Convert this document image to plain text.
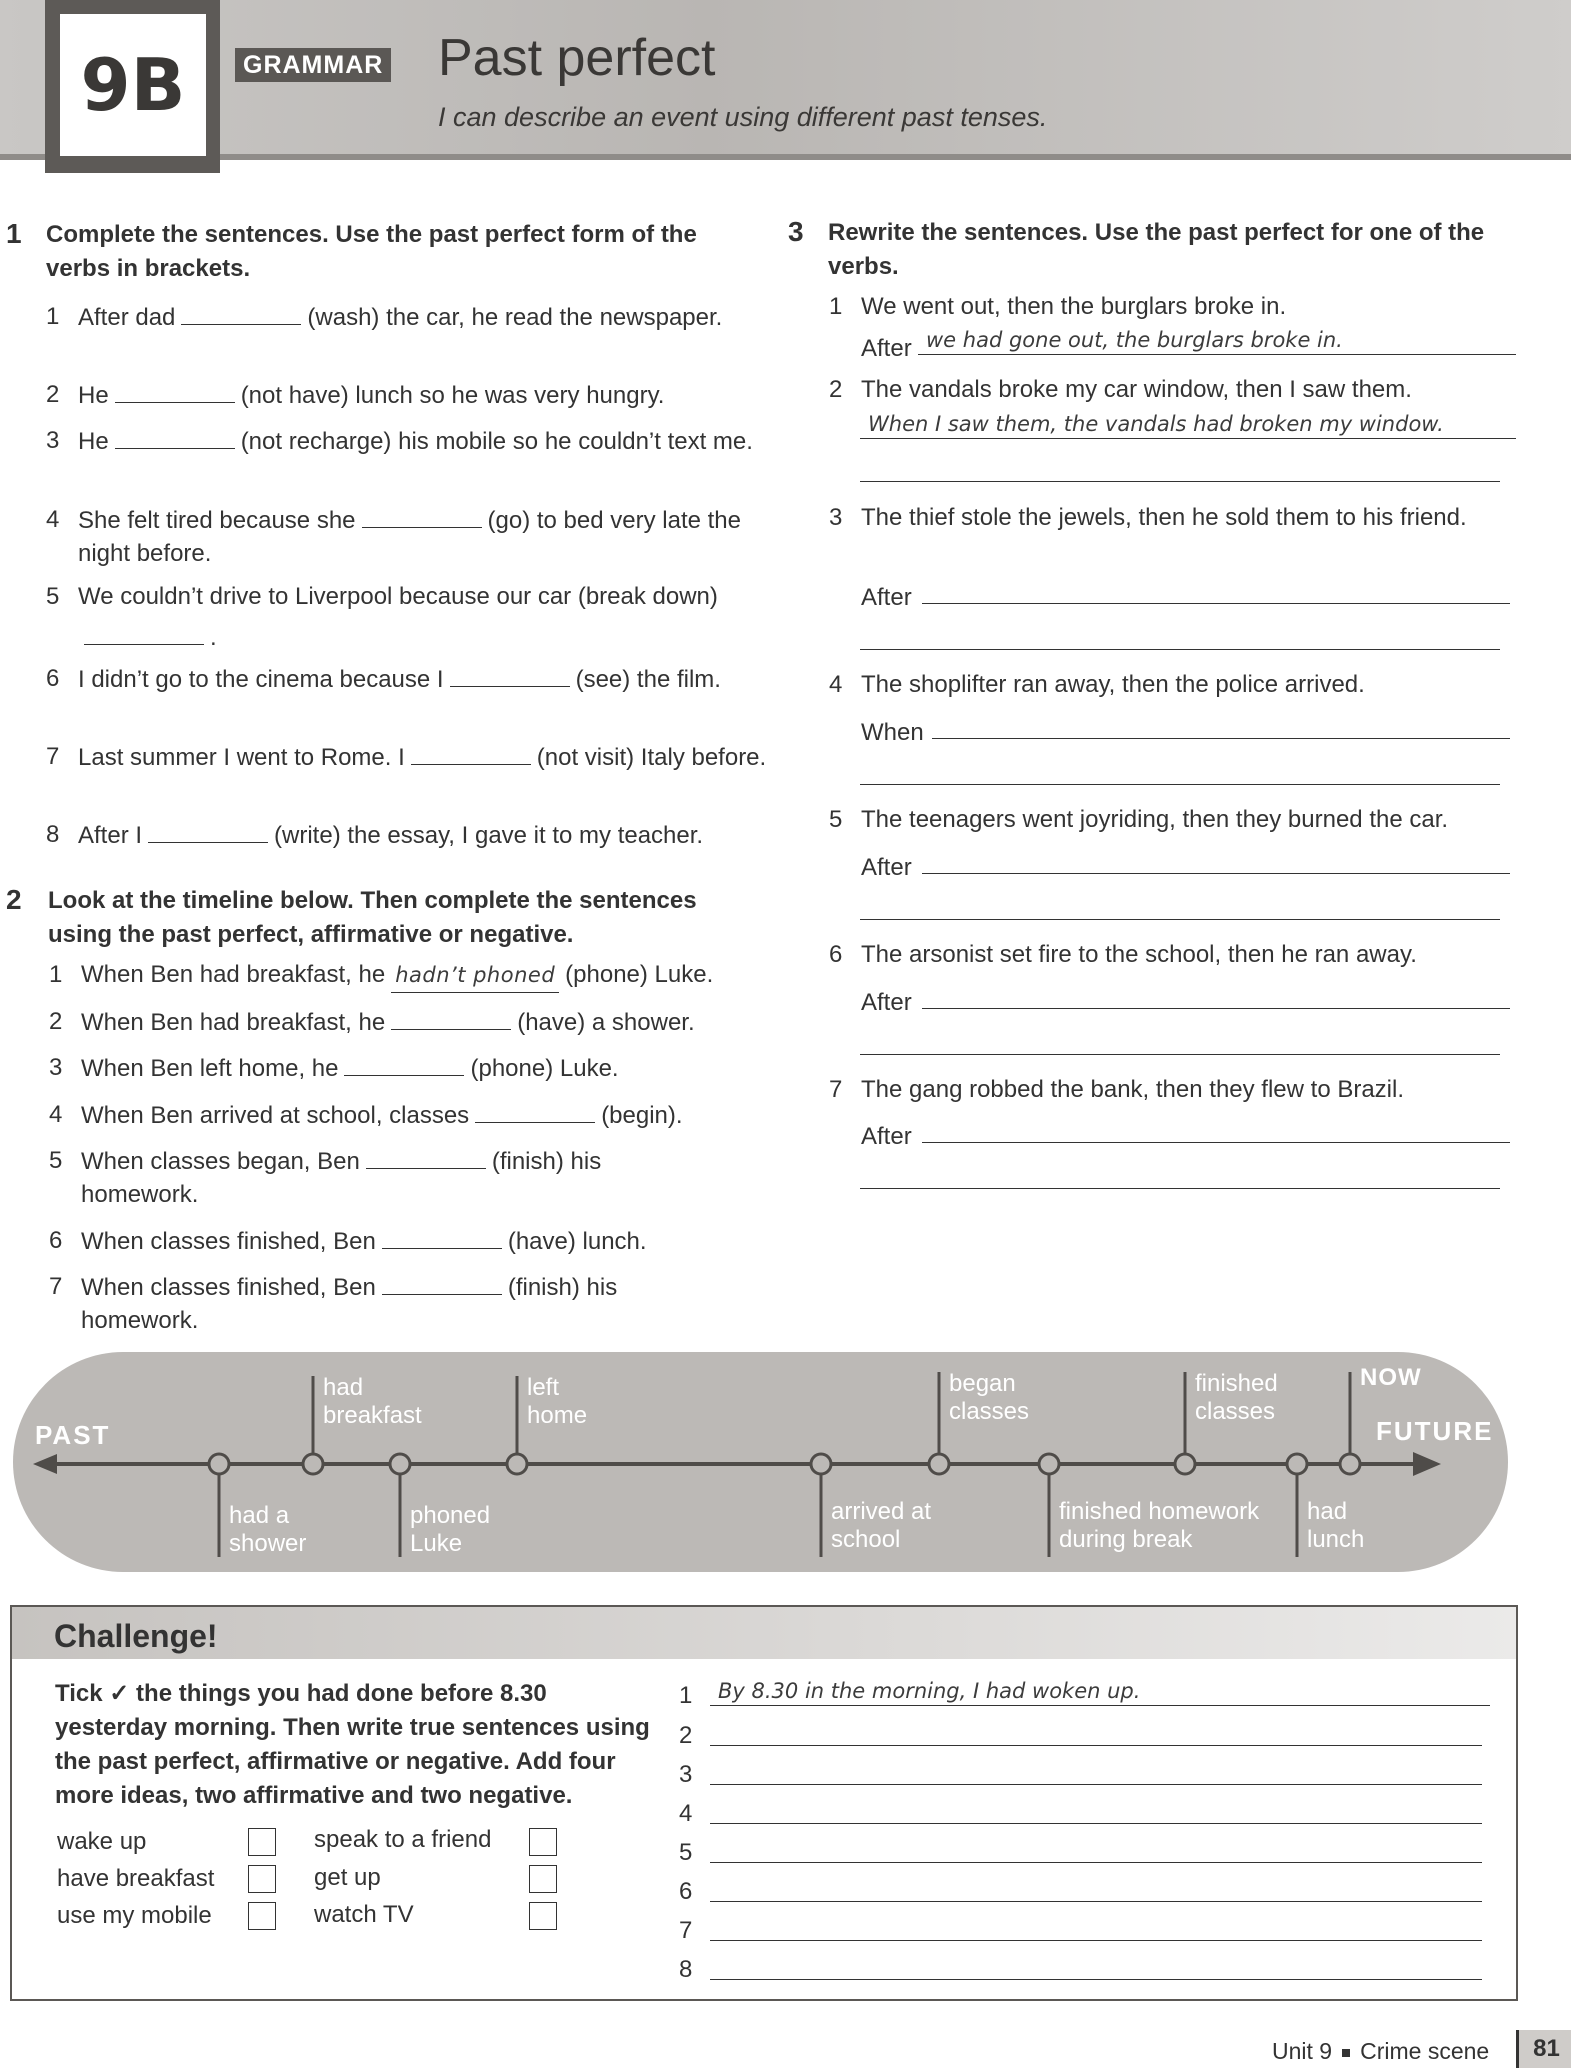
9B	GRAMMAR Past perfect
I can describe an event using different past tenses.
1 Complete the sentences. Use the past perfect form of the verbs in brackets.
1 After dad	(wash) the car, he read the newspaper.
2 He	(not have) lunch so he was very hungry.
3 He	(not recharge) his mobile so he couldn’t text me.
4 She felt tired because she	(go) to bed very late the night before.
5 We couldn’t drive to Liverpool because our car (break down).
6 I didn’t go to the cinema because I	(see) the film.
7 Last summer I went to Rome. I	(not visit) Italy before.
8 After I	(write) the essay, I gave it to my teacher.
2 Look at the timeline below. Then complete the sentences using the past perfect, affirmative or negative.
1 When Ben had breakfast, he hadn’t phoned (phone) Luke.
2 When Ben had breakfast, he	(have) a shower.
3 When Ben left home, he	(phone) Luke.
4 When Ben arrived at school, classes	(begin).
5 When classes began, Ben	(finish) his homework.
6 When classes finished, Ben	(have) lunch.
7 When classes finished, Ben	(finish) his homework.
3 Rewrite the sentences. Use the past perfect for one of the verbs.
1 We went out, then the burglars broke in.
After we had gone out, the burglars broke in.
2 The vandals broke my car window, then I saw them.
When I saw them, the vandals had broken my window.
3 The thief stole the jewels, then he sold them to his friend.
After
4 The shoplifter ran away, then the police arrived.
When
5 The teenagers went joyriding, then they burned the car.
After
6 The arsonist set fire to the school, then he ran away.
After
7 The gang robbed the bank, then they flew to Brazil.
After
PAST	FUTURE
NOW
had
breakfast
left
home
began
classes
finished
classes
had a
shower
phoned
Luke
arrived at
school
finished homework
during break
had
lunch
Challenge!
Tick ✓ the things you had done before 8.30 yesterday morning. Then write true sentences using the past perfect, affirmative or negative. Add four more ideas, two affirmative and two negative.
wake up
have breakfast
use my mobile
speak to a friend
get up
watch TV
1	By 8.30 in the morning, I had woken up.
2
3
4
5
6
7
8
Unit 9 Crime scene	81
